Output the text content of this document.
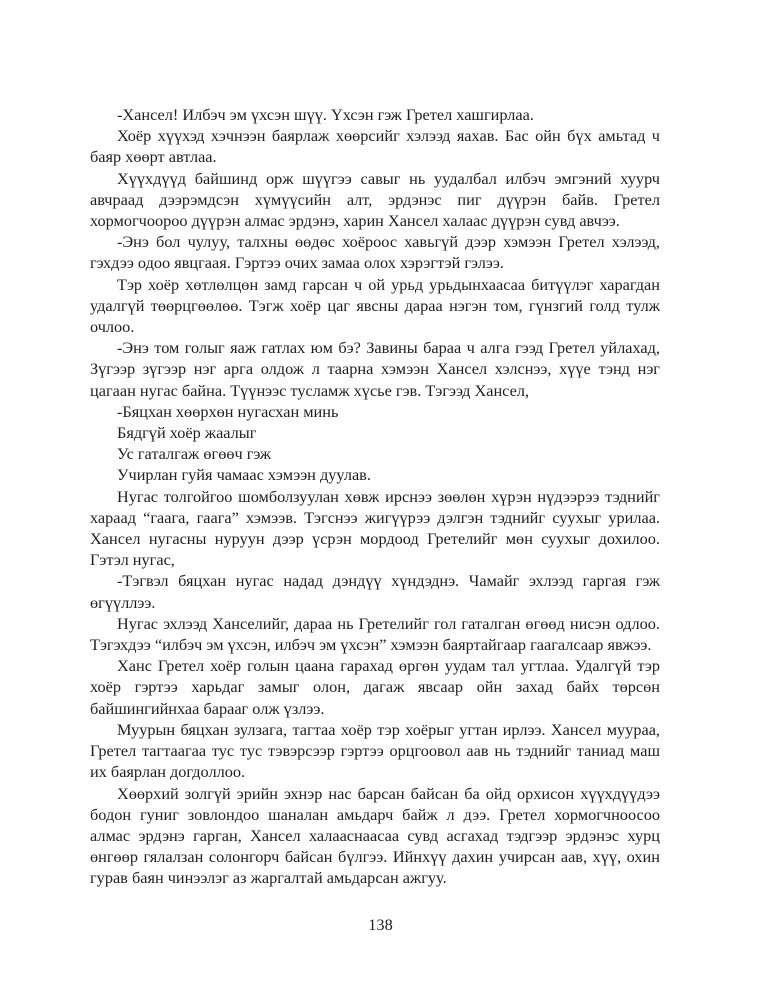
-Хансел! Илбэч эм үхсэн шүү. Үхсэн гэж Гретел хашгирлаа.

Хоёр хүүхэд хэчнээн баярлаж хөөрсийг хэлээд яахав. Бас ойн бүх амьтад ч баяр хөөрт автлаа.

Хүүхдүүд байшинд орж шүүгээ савыг нь уудалбал илбэч эмгэний хуурч авчраад дээрэмдсэн хүмүүсийн алт, эрдэнэс пиг дүүрэн байв. Гретел хормогчоороо дүүрэн алмас эрдэнэ, харин Хансел халаас дүүрэн сувд авчээ.

-Энэ бол чулуу, талхны өөдөс хоёроос хавьгүй дээр хэмээн Гретел хэлээд, гэхдээ одоо явцгаая. Гэртээ очих замаа олох хэрэгтэй гэлээ.

Тэр хоёр хөтлөлцөн замд гарсан ч ой урьд урьдынхаасаа битүүлэг харагдан удалгүй төөрцгөөлөө. Тэгж хоёр цаг явсны дараа нэгэн том, гүнзгий голд тулж очлоо.

-Энэ том голыг яаж гатлах юм бэ? Завины бараа ч алга гээд Гретел уйлахад, Зүгээр зүгээр нэг арга олдож л таарна хэмээн Хансел хэлснээ, хүүе тэнд нэг цагаан нугас байна. Түүнээс тусламж хүсье гэв. Тэгээд Хансел,

-Бяцхан хөөрхөн нугасхан минь

Бядгүй хоёр жаалыг

Ус гаталгаж өгөөч гэж

Учирлан гуйя чамаас хэмээн дуулав.

Нугас толгойгоо шомболзуулан хөвж ирснээ зөөлөн хүрэн нүдээрээ тэднийг хараад “гаага, гаага” хэмээв. Тэгснээ жигүүрээ дэлгэн тэднийг суухыг урилаа. Хансел нугасны нуруун дээр үсрэн мордоод Гретелийг мөн суухыг дохилоо. Гэтэл нугас,

-Тэгвэл бяцхан нугас надад дэндүү хүндэднэ. Чамайг эхлээд гаргая гэж өгүүллээ.

Нугас эхлээд Ханселийг, дараа нь Гретелийг гол гаталган өгөөд нисэн одлоо. Тэгэхдээ “илбэч эм үхсэн, илбэч эм үхсэн” хэмээн баяртайгаар гаагалсаар явжээ.

Ханс Гретел хоёр голын цаана гарахад өргөн уудам тал угтлаа. Удалгүй тэр хоёр гэртээ харьдаг замыг олон, дагаж явсаар ойн захад байх төрсөн байшингийнхаа барааг олж үзлээ.

Муурын бяцхан зулзага, тагтаа хоёр тэр хоёрыг угтан ирлээ. Хансел муураа, Гретел тагтаагаа тус тус тэвэрсээр гэртээ орцгоовол аав нь тэднийг таниад маш их баярлан догдоллоо.

Хөөрхий золгүй эрийн эхнэр нас барсан байсан ба ойд орхисон хүүхдүүдээ бодон гуниг зовлондоо шаналан амьдарч байж л дээ. Гретел хормогчноосоо алмас эрдэнэ гарган, Хансел халааснаасаа сувд асгахад тэдгээр эрдэнэс хурц өнгөөр гялалзан солонгорч байсан бүлгээ. Ийнхүү дахин учирсан аав, хүү, охин гурав баян чинээлэг аз жаргалтай амьдарсан ажгуу.

138
